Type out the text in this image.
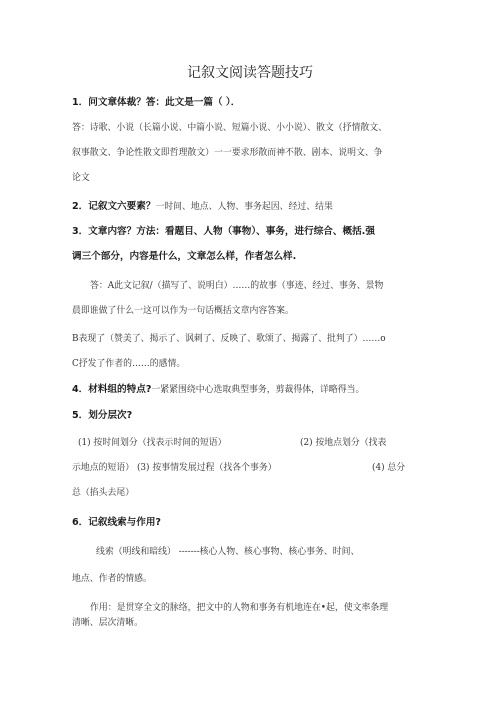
记叙文阅读答题技巧
1．问文章体裁？答：此文是一篇（ ）．
答：诗歌、小说（长篇小说、中篇小说、短篇小说、小小说）、散文（抒情散文、
叙事散文、争论性散文即哲理散文）一一要求形散而神不散、剧本、说明文、争
论文
2．记叙文六要素？一时间、地点、人物、事务起因、经过、结果
3．文章内容？方法：看题目、人物（事物）、事务，进行综合、概括.强
调三个部分，内容是什么，文章怎么样，作者怎么样.
答：A此文记叙/（描写了、说明白）……的故事（事迹、经过、事务、景物
晨即谁做了什么一这可以作为一句话概括文章内容答案。
B表现了（赞美了、揭示了、讽刺了、反映了、歌颂了、揭露了、批判了）……o
C抒发了作者的……的感情。
4．材料组的特点?一紧紧围绕中心选取典型事务，剪裁得体，详略得当。
5．划分层次?
(1) 按时间划分（找表示时间的短语）	(2) 按地点划分（找表
示地点的短语） (3) 按事情发展过程（找各个事务）	(4) 总分
总（掐头去尾）
6．记叙线索与作用?
线索（明线和暗线） -------核心人物、核心事物、核心事务、时间、
地点、作者的情感。
作用：是贯穿全文的脉络，把文中的人物和事务有机地连在•起，使文率条理
清晰、层次清晰。
